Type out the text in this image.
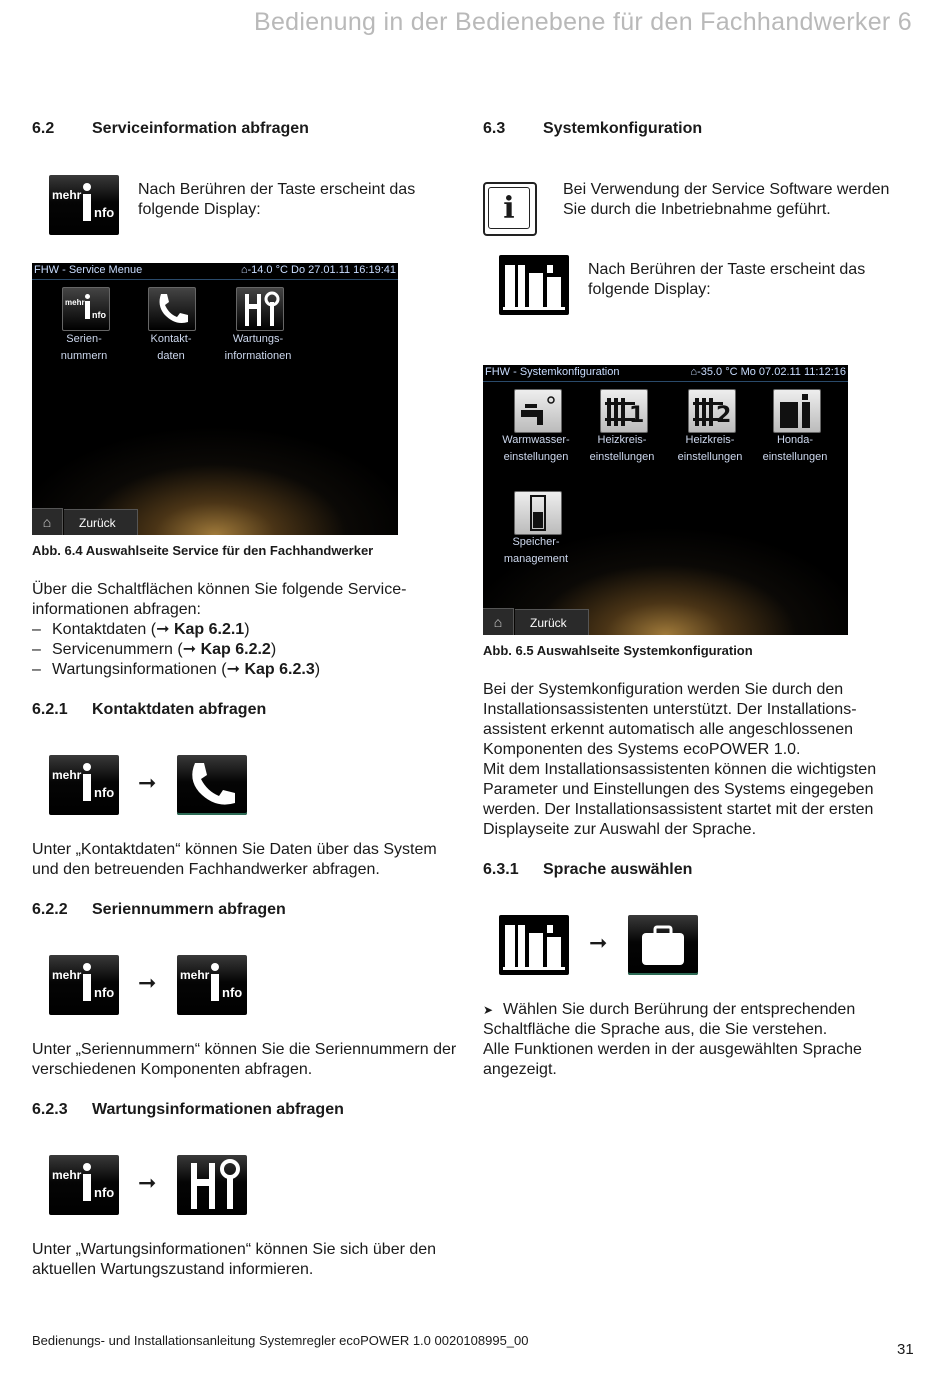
Bedienung in der Bedienebene für den Fachhandwerker 6
6.2 Serviceinformation abfragen
mehr
nfo
Nach Berühren der Taste erscheint das folgende Display:
FHW - Service Menue	⌂-14.0 °C Do 27.01.11 16:19:41
mehr
nfo
Serien-
nummern
Kontakt-
daten
Wartungs-
informationen
⌂	Zurück
Abb. 6.4 Auswahlseite Service für den Fachhandwerker
Über die Schaltflächen können Sie folgende Service-informationen abfragen:
– Kontaktdaten (➞ Kap 6.2.1)
– Servicenummern (➞ Kap 6.2.2)
– Wartungsinformationen (➞ Kap 6.2.3)
6.2.1 Kontaktdaten abfragen
mehr
nfo ➞
Unter „Kontaktdaten“ können Sie Daten über das System und den betreuenden Fachhandwerker abfragen.
6.2.2 Seriennummern abfragen
mehr
nfo ➞ mehr
nfo
Unter „Seriennummern“ können Sie die Seriennummern der verschiedenen Komponenten abfragen.
6.2.3 Wartungsinformationen abfragen
mehr
nfo ➞
Unter „Wartungsinformationen“ können Sie sich über den aktuellen Wartungszustand informieren.
6.3 Systemkonfiguration
i
Bei Verwendung der Service Software werden Sie durch die Inbetriebnahme geführt.
Nach Berühren der Taste erscheint das folgende Display:
FHW - Systemkonfiguration	⌂-35.0 °C Mo 07.02.11 11:12:16
1	2
Warmwasser-
einstellungen
Heizkreis-
einstellungen
Heizkreis-
einstellungen
Honda-
einstellungen
Speicher-
management
⌂	Zurück
Abb. 6.5 Auswahlseite Systemkonfiguration
Bei der Systemkonfiguration werden Sie durch den Installationsassistenten unterstützt. Der Installations-assistent erkennt automatisch alle angeschlossenen Komponenten des Systems ecoPOWER 1.0.
Mit dem Installationsassistenten können die wichtigsten Parameter und Einstellungen des Systems eingegeben werden. Der Installationsassistent startet mit der ersten Displayseite zur Auswahl der Sprache.
6.3.1 Sprache auswählen
➞
➤ Wählen Sie durch Berührung der entsprechenden Schaltfläche die Sprache aus, die Sie verstehen.
Alle Funktionen werden in der ausgewählten Sprache angezeigt.
Bedienungs- und Installationsanleitung Systemregler ecoPOWER 1.0 0020108995_00
31
